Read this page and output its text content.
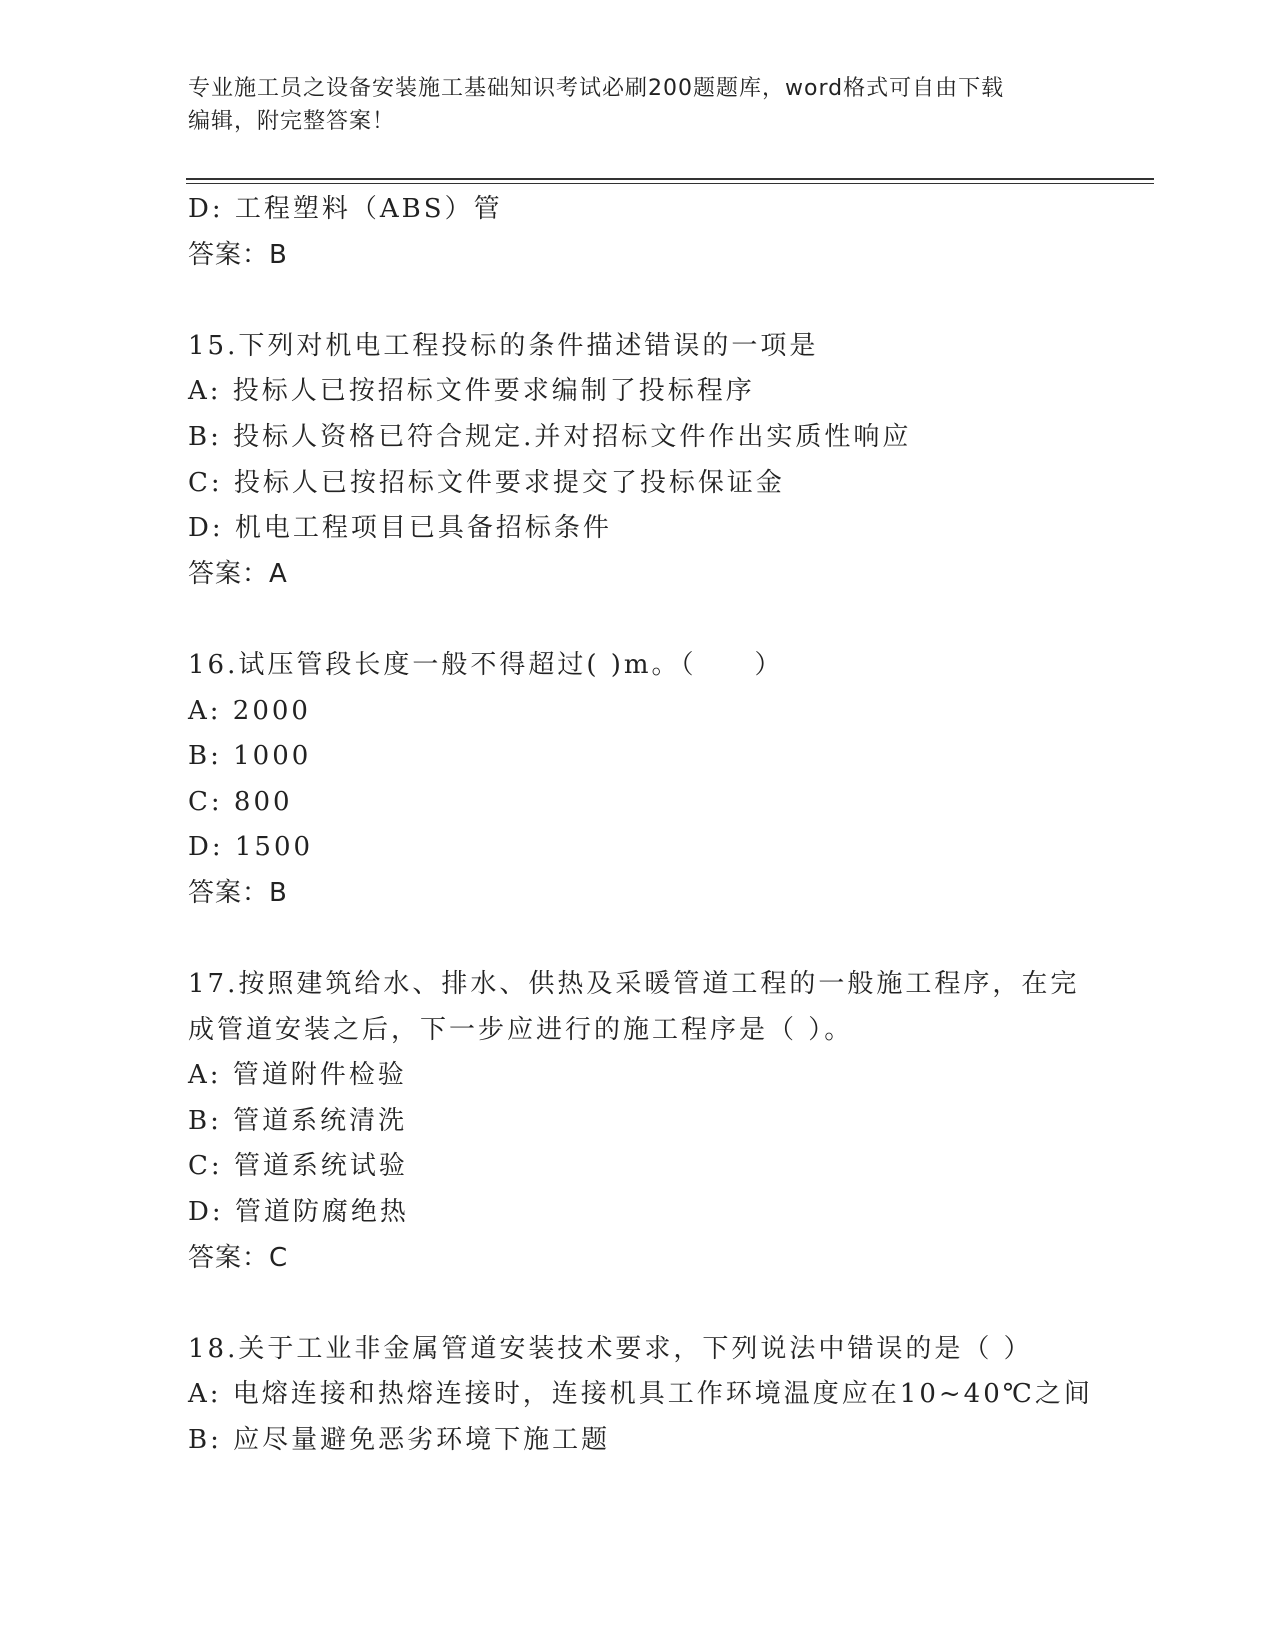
专业施工员之设备安装施工基础知识考试必刷200题题库，word格式可自由下载
编辑，附完整答案！
D: 工程塑料（ABS）管
答案：B
15.下列对机电工程投标的条件描述错误的一项是
A: 投标人已按招标文件要求编制了投标程序
B: 投标人资格已符合规定.并对招标文件作出实质性响应
C: 投标人已按招标文件要求提交了投标保证金
D: 机电工程项目已具备招标条件
答案：A
16.试压管段长度一般不得超过( )m。（　　）
A: 2000
B: 1000
C: 800
D: 1500
答案：B
17.按照建筑给水、排水、供热及采暖管道工程的一般施工程序，在完
成管道安装之后，下一步应进行的施工程序是（ ）。
A: 管道附件检验
B: 管道系统清洗
C: 管道系统试验
D: 管道防腐绝热
答案：C
18.关于工业非金属管道安装技术要求，下列说法中错误的是（ ）
A: 电熔连接和热熔连接时，连接机具工作环境温度应在10~40℃之间
B: 应尽量避免恶劣环境下施工题
